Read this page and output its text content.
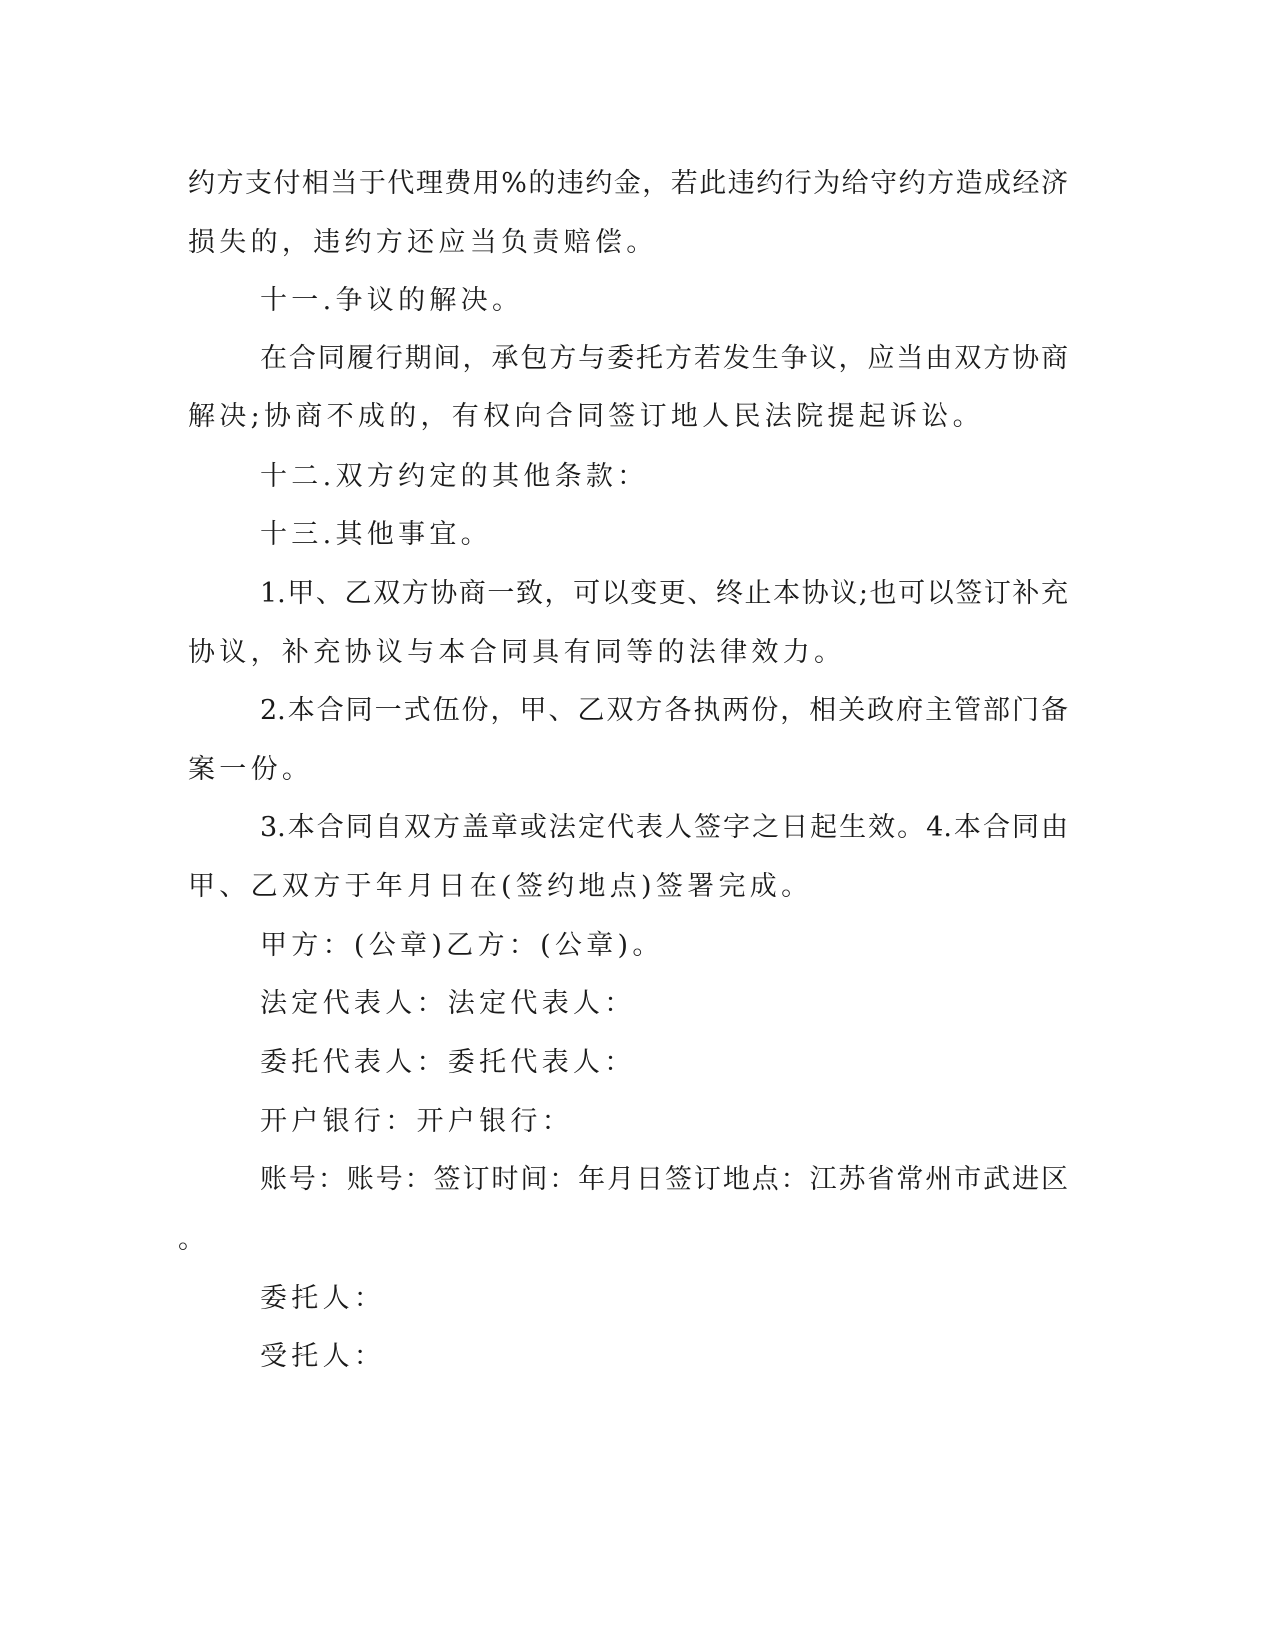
约方支付相当于代理费用%的违约金，若此违约行为给守约方造成经济
损失的，违约方还应当负责赔偿。
十一.争议的解决。
在合同履行期间，承包方与委托方若发生争议，应当由双方协商
解决;协商不成的，有权向合同签订地人民法院提起诉讼。
十二.双方约定的其他条款：
十三.其他事宜。
1.甲、乙双方协商一致，可以变更、终止本协议;也可以签订补充
协议，补充协议与本合同具有同等的法律效力。
2.本合同一式伍份，甲、乙双方各执两份，相关政府主管部门备
案一份。
3.本合同自双方盖章或法定代表人签字之日起生效。4.本合同由
甲、乙双方于年月日在(签约地点)签署完成。
甲方：(公章)乙方：(公章)。
法定代表人：法定代表人：
委托代表人：委托代表人：
开户银行：开户银行：
账号：账号：签订时间：年月日签订地点：江苏省常州市武进区
。
委托人：
受托人：
